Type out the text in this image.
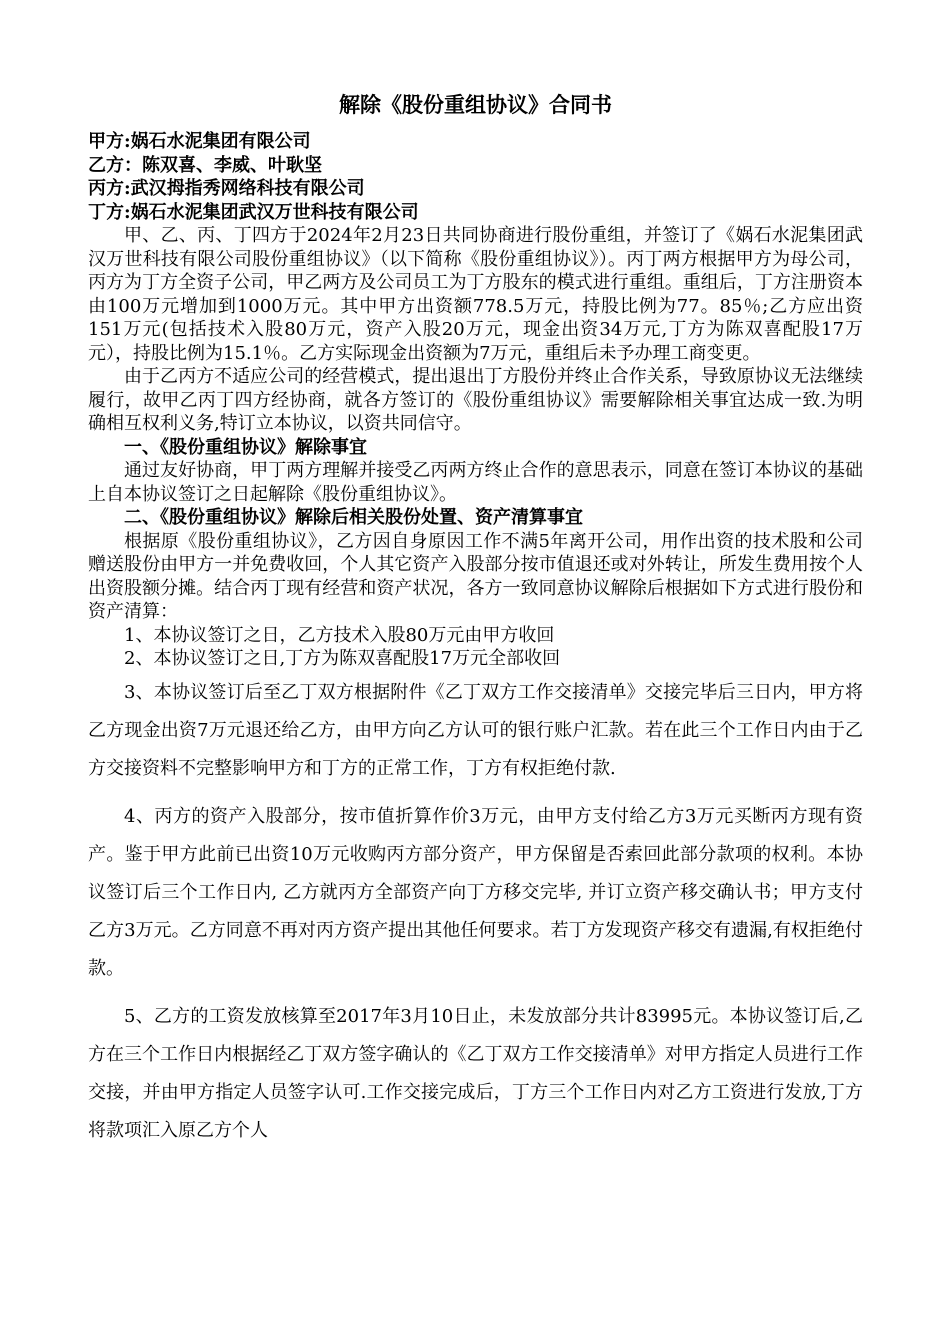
解除《股份重组协议》合同书

甲方:娲石水泥集团有限公司

乙方：陈双喜、李威、叶耿坚

丙方:武汉拇指秀网络科技有限公司

丁方:娲石水泥集团武汉万世科技有限公司

甲、乙、丙、丁四方于2024年2月23日共同协商进行股份重组，并签订了《娲石水泥集团武汉万世科技有限公司股份重组协议》（以下简称《股份重组协议》）。丙丁两方根据甲方为母公司，丙方为丁方全资子公司，甲乙两方及公司员工为丁方股东的模式进行重组。重组后，丁方注册资本由100万元增加到1000万元。其中甲方出资额778.5万元，持股比例为77。85％;乙方应出资151万元(包括技术入股80万元，资产入股20万元，现金出资34万元,丁方为陈双喜配股17万元），持股比例为15.1％。乙方实际现金出资额为7万元，重组后未予办理工商变更。

由于乙丙方不适应公司的经营模式，提出退出丁方股份并终止合作关系，导致原协议无法继续履行，故甲乙丙丁四方经协商，就各方签订的《股份重组协议》需要解除相关事宜达成一致.为明确相互权利义务,特订立本协议，以资共同信守。

一、《股份重组协议》解除事宜

通过友好协商，甲丁两方理解并接受乙丙两方终止合作的意思表示，同意在签订本协议的基础上自本协议签订之日起解除《股份重组协议》。

二、《股份重组协议》解除后相关股份处置、资产清算事宜

根据原《股份重组协议》，乙方因自身原因工作不满5年离开公司，用作出资的技术股和公司赠送股份由甲方一并免费收回，个人其它资产入股部分按市值退还或对外转让，所发生费用按个人出资股额分摊。结合丙丁现有经营和资产状况，各方一致同意协议解除后根据如下方式进行股份和资产清算：

1、本协议签订之日，乙方技术入股80万元由甲方收回

2、本协议签订之日,丁方为陈双喜配股17万元全部收回

3、本协议签订后至乙丁双方根据附件《乙丁双方工作交接清单》交接完毕后三日内，甲方将乙方现金出资7万元退还给乙方，由甲方向乙方认可的银行账户汇款。若在此三个工作日内由于乙方交接资料不完整影响甲方和丁方的正常工作，丁方有权拒绝付款.

4、丙方的资产入股部分，按市值折算作价3万元，由甲方支付给乙方3万元买断丙方现有资产。鉴于甲方此前已出资10万元收购丙方部分资产，甲方保留是否索回此部分款项的权利。本协议签订后三个工作日内, 乙方就丙方全部资产向丁方移交完毕, 并订立资产移交确认书；甲方支付乙方3万元。乙方同意不再对丙方资产提出其他任何要求。若丁方发现资产移交有遗漏,有权拒绝付款。

5、乙方的工资发放核算至2017年3月10日止，未发放部分共计83995元。本协议签订后,乙方在三个工作日内根据经乙丁双方签字确认的《乙丁双方工作交接清单》对甲方指定人员进行工作交接，并由甲方指定人员签字认可.工作交接完成后，丁方三个工作日内对乙方工资进行发放,丁方将款项汇入原乙方个人
